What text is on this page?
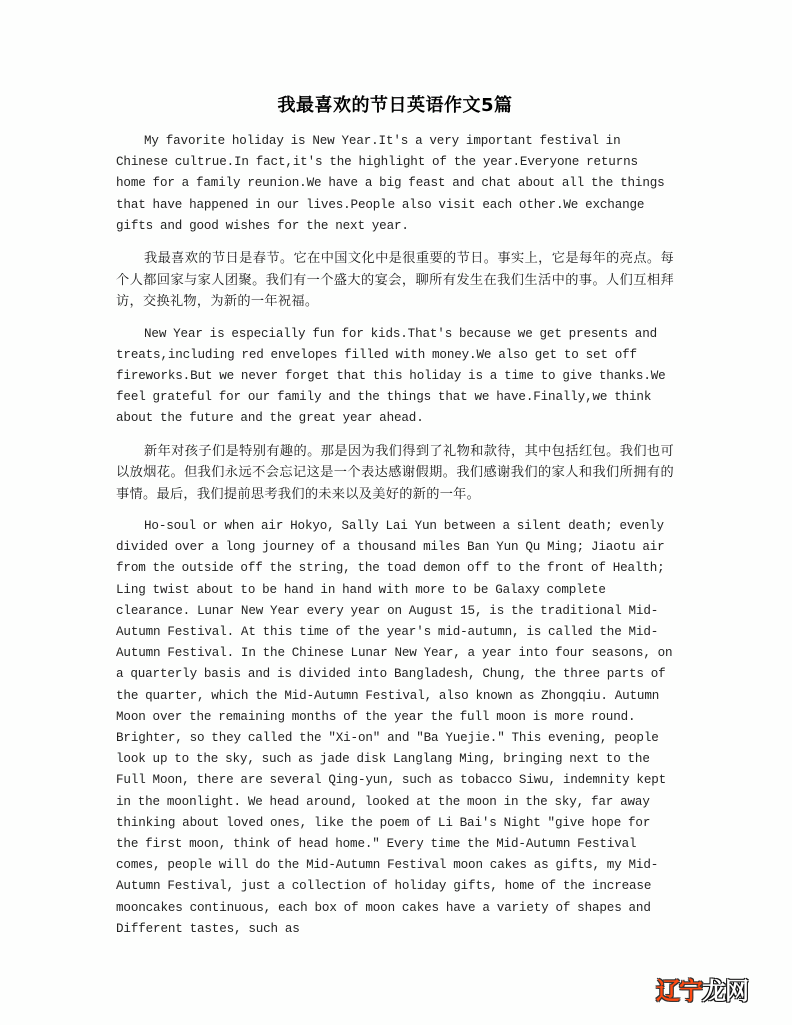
我最喜欢的节日英语作文5篇

My favorite holiday is New Year.It's a very important festival in Chinese cultrue.In fact,it's the highlight of the year.Everyone returns home for a family reunion.We have a big feast and chat about all the things that have happened in our lives.People also visit each other.We exchange gifts and good wishes for the next year.

我最喜欢的节日是春节。它在中国文化中是很重要的节日。事实上，它是每年的亮点。每个人都回家与家人团聚。我们有一个盛大的宴会，聊所有发生在我们生活中的事。人们互相拜访，交换礼物，为新的一年祝福。

New Year is especially fun for kids.That's because we get presents and treats,including red envelopes filled with money.We also get to set off fireworks.But we never forget that this holiday is a time to give thanks.We feel grateful for our family and the things that we have.Finally,we think about the future and the great year ahead.

新年对孩子们是特别有趣的。那是因为我们得到了礼物和款待，其中包括红包。我们也可以放烟花。但我们永远不会忘记这是一个表达感谢假期。我们感谢我们的家人和我们所拥有的事情。最后，我们提前思考我们的未来以及美好的新的一年。

Ho-soul or when air Hokyo, Sally Lai Yun between a silent death; evenly divided over a long journey of a thousand miles Ban Yun Qu Ming; Jiaotu air from the outside off the string, the toad demon off to the front of Health; Ling twist about to be hand in hand with more to be Galaxy complete clearance. Lunar New Year every year on August 15, is the traditional Mid-Autumn Festival. At this time of the year's mid-autumn, is called the Mid-Autumn Festival. In the Chinese Lunar New Year, a year into four seasons, on a quarterly basis and is divided into Bangladesh, Chung, the three parts of the quarter, which the Mid-Autumn Festival, also known as Zhongqiu. Autumn Moon over the remaining months of the year the full moon is more round. Brighter, so they called the "Xi-on" and "Ba Yuejie." This evening, people look up to the sky, such as jade disk Langlang Ming, bringing next to the Full Moon, there are several Qing-yun, such as tobacco Siwu, indemnity kept in the moonlight. We head around, looked at the moon in the sky, far away thinking about loved ones, like the poem of Li Bai's Night "give hope for the first moon, think of head home." Every time the Mid-Autumn Festival comes, people will do the Mid-Autumn Festival moon cakes as gifts, my Mid-Autumn Festival, just a collection of holiday gifts, home of the increase mooncakes continuous, each box of moon cakes have a variety of shapes and Different tastes, such as

辽宁龙网
